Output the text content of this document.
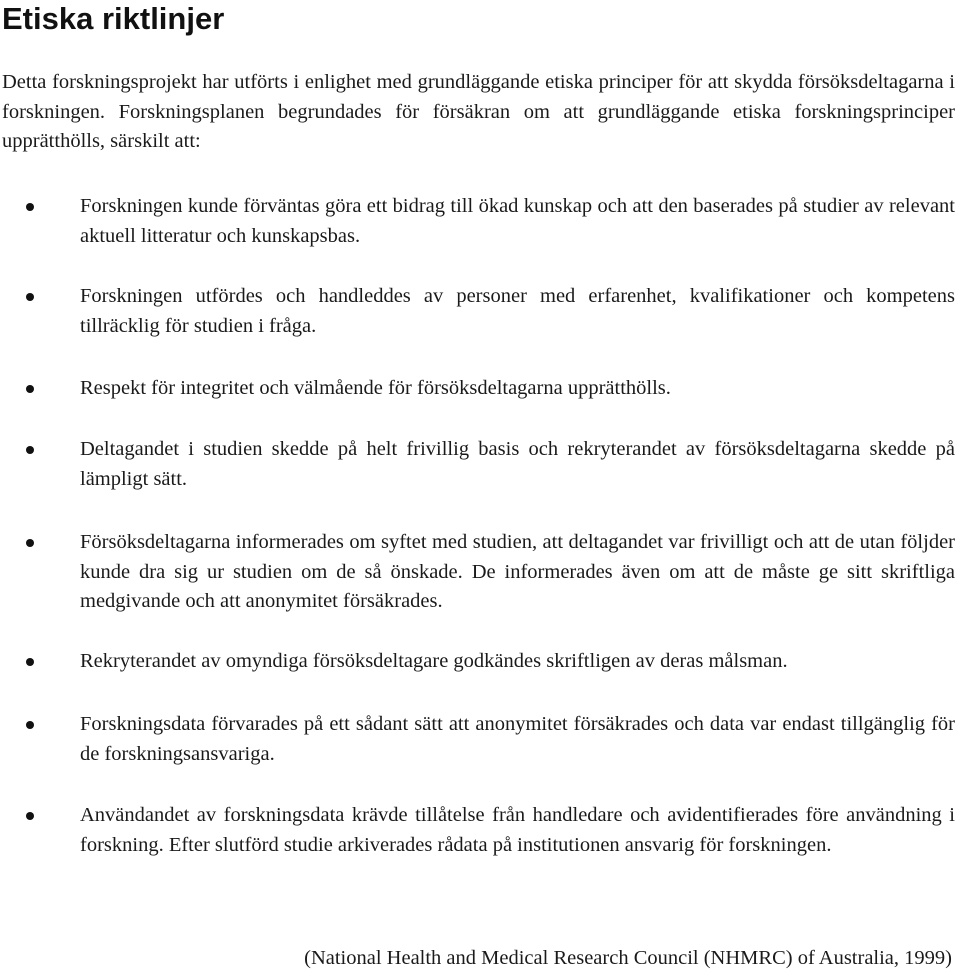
Etiska riktlinjer

Detta forskningsprojekt har utförts i enlighet med grundläggande etiska principer för att skydda försöksdeltagarna i forskningen. Forskningsplanen begrundades för försäkran om att grundläggande etiska forskningsprinciper upprätthölls, särskilt att:

Forskningen kunde förväntas göra ett bidrag till ökad kunskap och att den baserades på studier av relevant aktuell litteratur och kunskapsbas.

Forskningen utfördes och handleddes av personer med erfarenhet, kvalifikationer och kompetens tillräcklig för studien i fråga.

Respekt för integritet och välmående för försöksdeltagarna upprätthölls.

Deltagandet i studien skedde på helt frivillig basis och rekryterandet av försöksdeltagarna skedde på lämpligt sätt.

Försöksdeltagarna informerades om syftet med studien, att deltagandet var frivilligt och att de utan följder kunde dra sig ur studien om de så önskade. De informerades även om att de måste ge sitt skriftliga medgivande och att anonymitet försäkrades.

Rekryterandet av omyndiga försöksdeltagare godkändes skriftligen av deras målsman.

Forskningsdata förvarades på ett sådant sätt att anonymitet försäkrades och data var endast tillgänglig för de forskningsansvariga.

Användandet av forskningsdata krävde tillåtelse från handledare och avidentifierades före användning i forskning. Efter slutförd studie arkiverades rådata på institutionen ansvarig för forskningen.

(National Health and Medical Research Council (NHMRC) of Australia, 1999)
